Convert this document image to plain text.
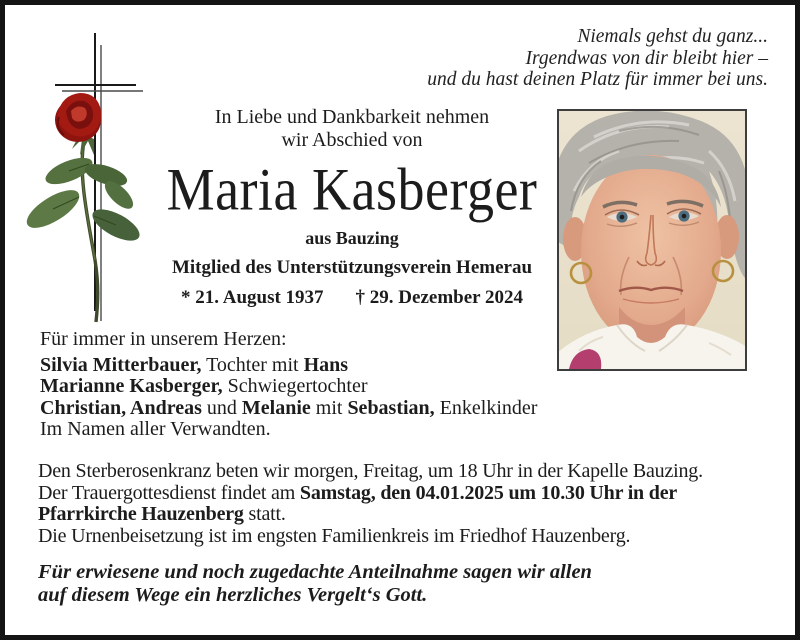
Niemals gehst du ganz...
Irgendwas von dir bleibt hier –
und du hast deinen Platz für immer bei uns.
In Liebe und Dankbarkeit nehmen
wir Abschied von
Maria Kasberger
aus Bauzing
Mitglied des Unterstützungsverein Hemerau
* 21. August 1937 † 29. Dezember 2024
Für immer in unserem Herzen:
Silvia Mitterbauer, Tochter mit Hans
Marianne Kasberger, Schwiegertochter
Christian, Andreas und Melanie mit Sebastian, Enkelkinder
Im Namen aller Verwandten.
Den Sterberosenkranz beten wir morgen, Freitag, um 18 Uhr in der Kapelle Bauzing.
Der Trauergottesdienst findet am Samstag, den 04.01.2025 um 10.30 Uhr in der
Pfarrkirche Hauzenberg statt.
Die Urnenbeisetzung ist im engsten Familienkreis im Friedhof Hauzenberg.
Für erwiesene und noch zugedachte Anteilnahme sagen wir allen
auf diesem Wege ein herzliches Vergelt‘s Gott.
